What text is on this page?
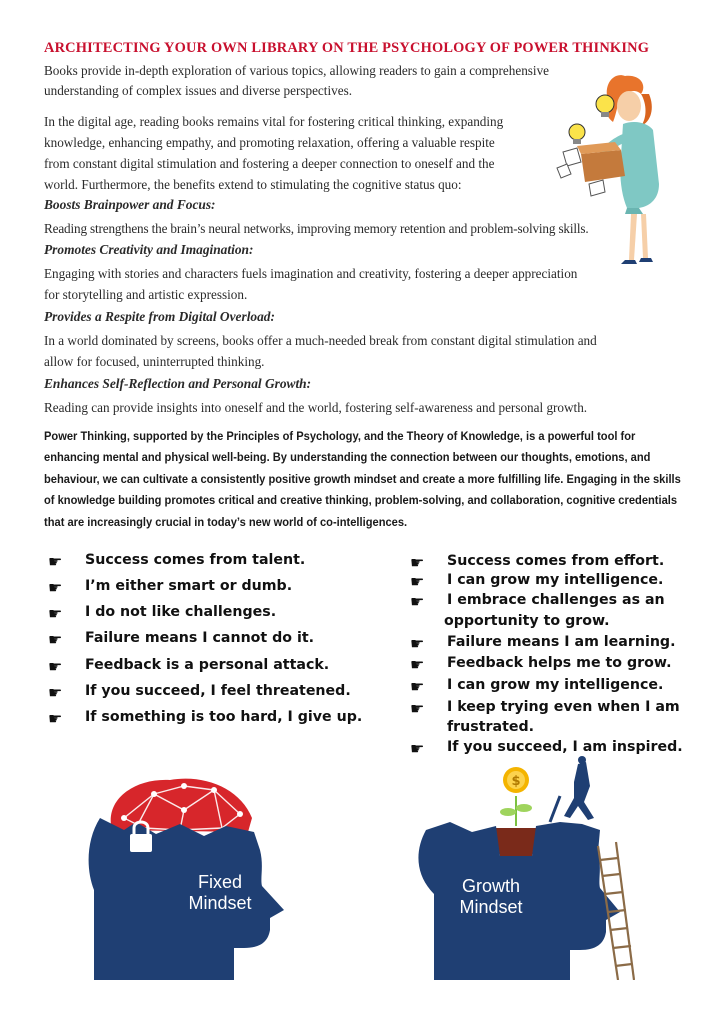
ARCHITECTING YOUR OWN LIBRARY ON THE PSYCHOLOGY OF POWER THINKING
Books provide in-depth exploration of various topics, allowing readers to gain a comprehensive
understanding of complex issues and diverse perspectives.
In the digital age, reading books remains vital for fostering critical thinking, expanding
knowledge, enhancing empathy, and promoting relaxation, offering a valuable respite
from constant digital stimulation and fostering a deeper connection to oneself and the
world. Furthermore, the benefits extend to stimulating the cognitive status quo:
Boosts Brainpower and Focus:
Reading strengthens the brain’s neural networks, improving memory retention and problem-solving skills.
Promotes Creativity and Imagination:
Engaging with stories and characters fuels imagination and creativity, fostering a deeper appreciation
for storytelling and artistic expression.
Provides a Respite from Digital Overload:
In a world dominated by screens, books offer a much-needed break from constant digital stimulation and
allow for focused, uninterrupted thinking.
Enhances Self-Reflection and Personal Growth:
Reading can provide insights into oneself and the world, fostering self-awareness and personal growth.
Power Thinking, supported by the Principles of Psychology, and the Theory of Knowledge, is a powerful tool for
enhancing mental and physical well-being. By understanding the connection between our thoughts, emotions, and
behaviour, we can cultivate a consistently positive growth mindset and create a more fulfilling life. Engaging in the skills
of knowledge building promotes critical and creative thinking, problem-solving, and collaboration, cognitive credentials
that are increasingly crucial in today’s new world of co-intelligences.
☛ Success comes from talent.
☛ I’m either smart or dumb.
☛ I do not like challenges.
☛ Failure means I cannot do it.
☛ Feedback is a personal attack.
☛ If you succeed, I feel threatened.
☛ If something is too hard, I give up.
☛ Success comes from effort.
☛ I can grow my intelligence.
☛ I embrace challenges as an
opportunity to grow.
☛ Failure means I am learning.
☛ Feedback helps me to grow.
☛ I can grow my intelligence.
☛ I keep trying even when I am
frustrated.
☛ If you succeed, I am inspired.
Fixed
Mindset
$
Growth
Mindset
